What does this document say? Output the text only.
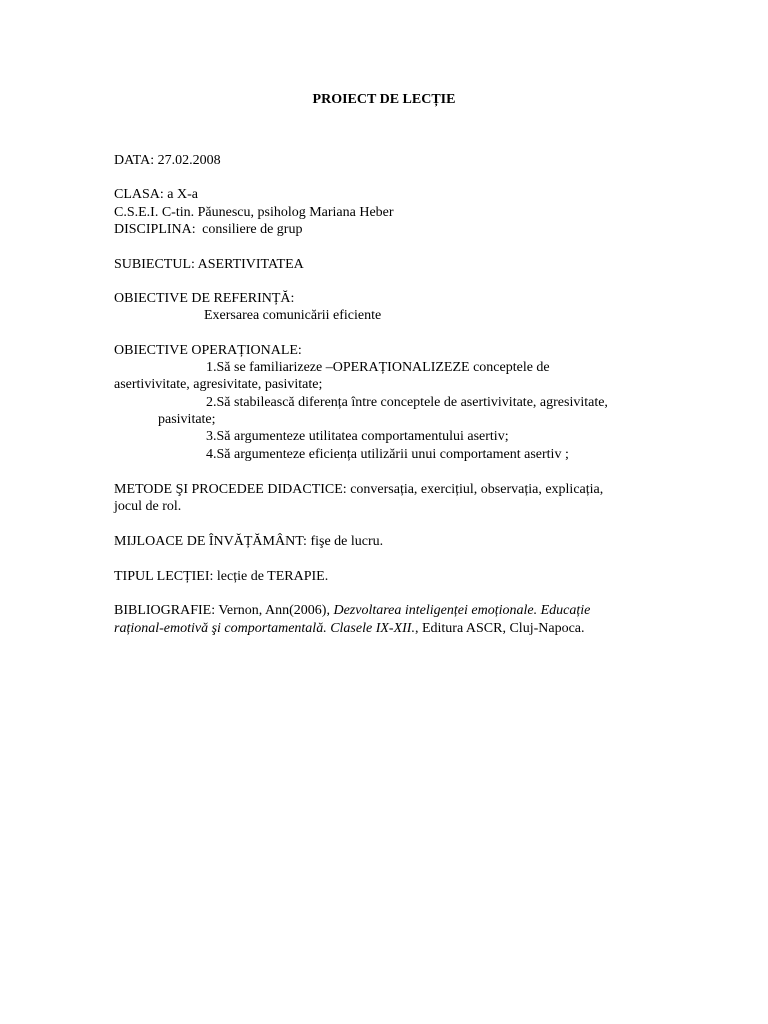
PROIECT DE LECȚIE
DATA: 27.02.2008
CLASA: a X-a
C.S.E.I. C-tin. Păunescu, psiholog Mariana Heber
DISCIPLINA: consiliere de grup
SUBIECTUL: ASERTIVITATEA
OBIECTIVE DE REFERINȚĂ:
Exersarea comunicării eficiente
OBIECTIVE OPERAȚIONALE:
1.Să se familiarizeze –OPERAȚIONALIZEZE conceptele de
asertivivitate, agresivitate, pasivitate;
2.Să stabilească diferența între conceptele de asertivivitate, agresivitate,
pasivitate;
3.Să argumenteze utilitatea comportamentului asertiv;
4.Să argumenteze eficiența utilizării unui comportament asertiv ;
METODE ŞI PROCEDEE DIDACTICE: conversația, exercițiul, observația, explicația,
jocul de rol.
MIJLOACE DE ÎNVĂȚĂMÂNT: fişe de lucru.
TIPUL LECȚIEI: lecție de TERAPIE.
BIBLIOGRAFIE: Vernon, Ann(2006), Dezvoltarea inteligenței emoționale. Educație
rațional-emotivă şi comportamentală. Clasele IX-XII., Editura ASCR, Cluj-Napoca.
